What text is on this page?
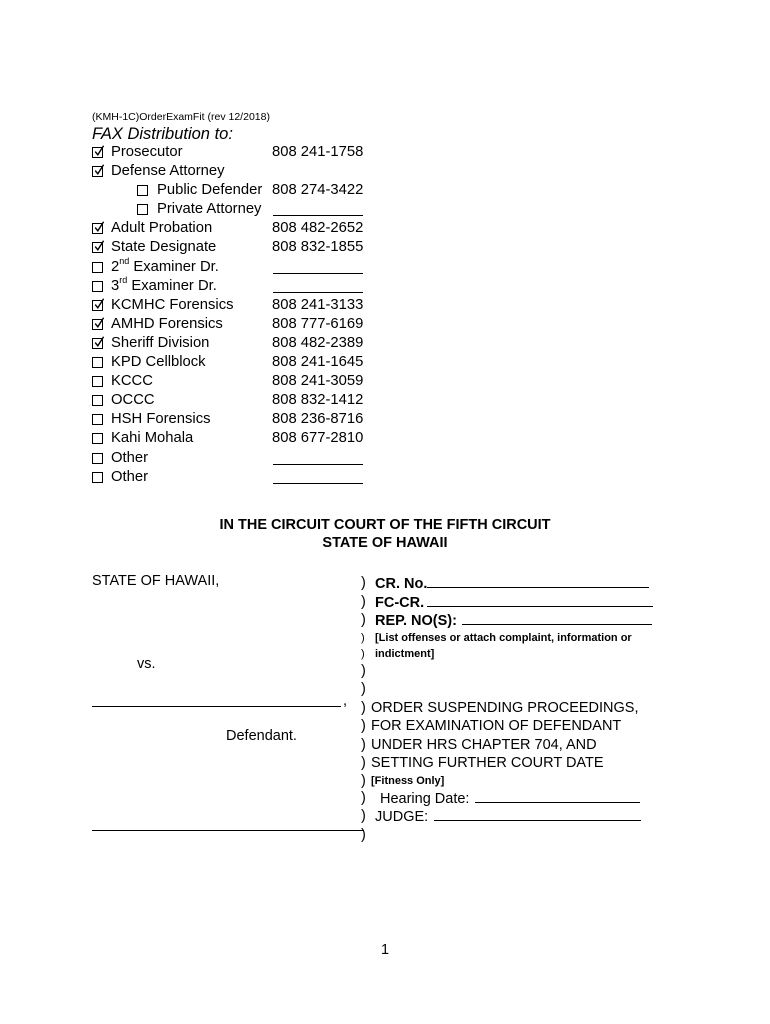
(KMH-1C)OrderExamFit (rev 12/2018)
FAX Distribution to:
Prosecutor	808 241-1758
Defense Attorney
Public Defender 808 274-3422
Private Attorney
Adult Probation	808 482-2652
State Designate	808 832-1855
2nd Examiner Dr.
3rd Examiner Dr.
KCMHC Forensics	808 241-3133
AMHD Forensics	808 777-6169
Sheriff Division	808 482-2389
KPD Cellblock	808 241-1645
KCCC	808 241-3059
OCCC	808 832-1412
HSH Forensics	808 236-8716
Kahi Mohala	808 677-2810
Other
Other
IN THE CIRCUIT COURT OF THE FIFTH CIRCUIT
STATE OF HAWAII
STATE OF HAWAII,
vs.
,
Defendant.
) CR. No.
) FC-CR.
) REP. NO(S):
) [List offenses or attach complaint, information or
) indictment]
)
)
) ORDER SUSPENDING PROCEEDINGS,
) FOR EXAMINATION OF DEFENDANT
) UNDER HRS CHAPTER 704, AND
) SETTING FURTHER COURT DATE
) [Fitness Only]
) Hearing Date:
) JUDGE:
)
1
